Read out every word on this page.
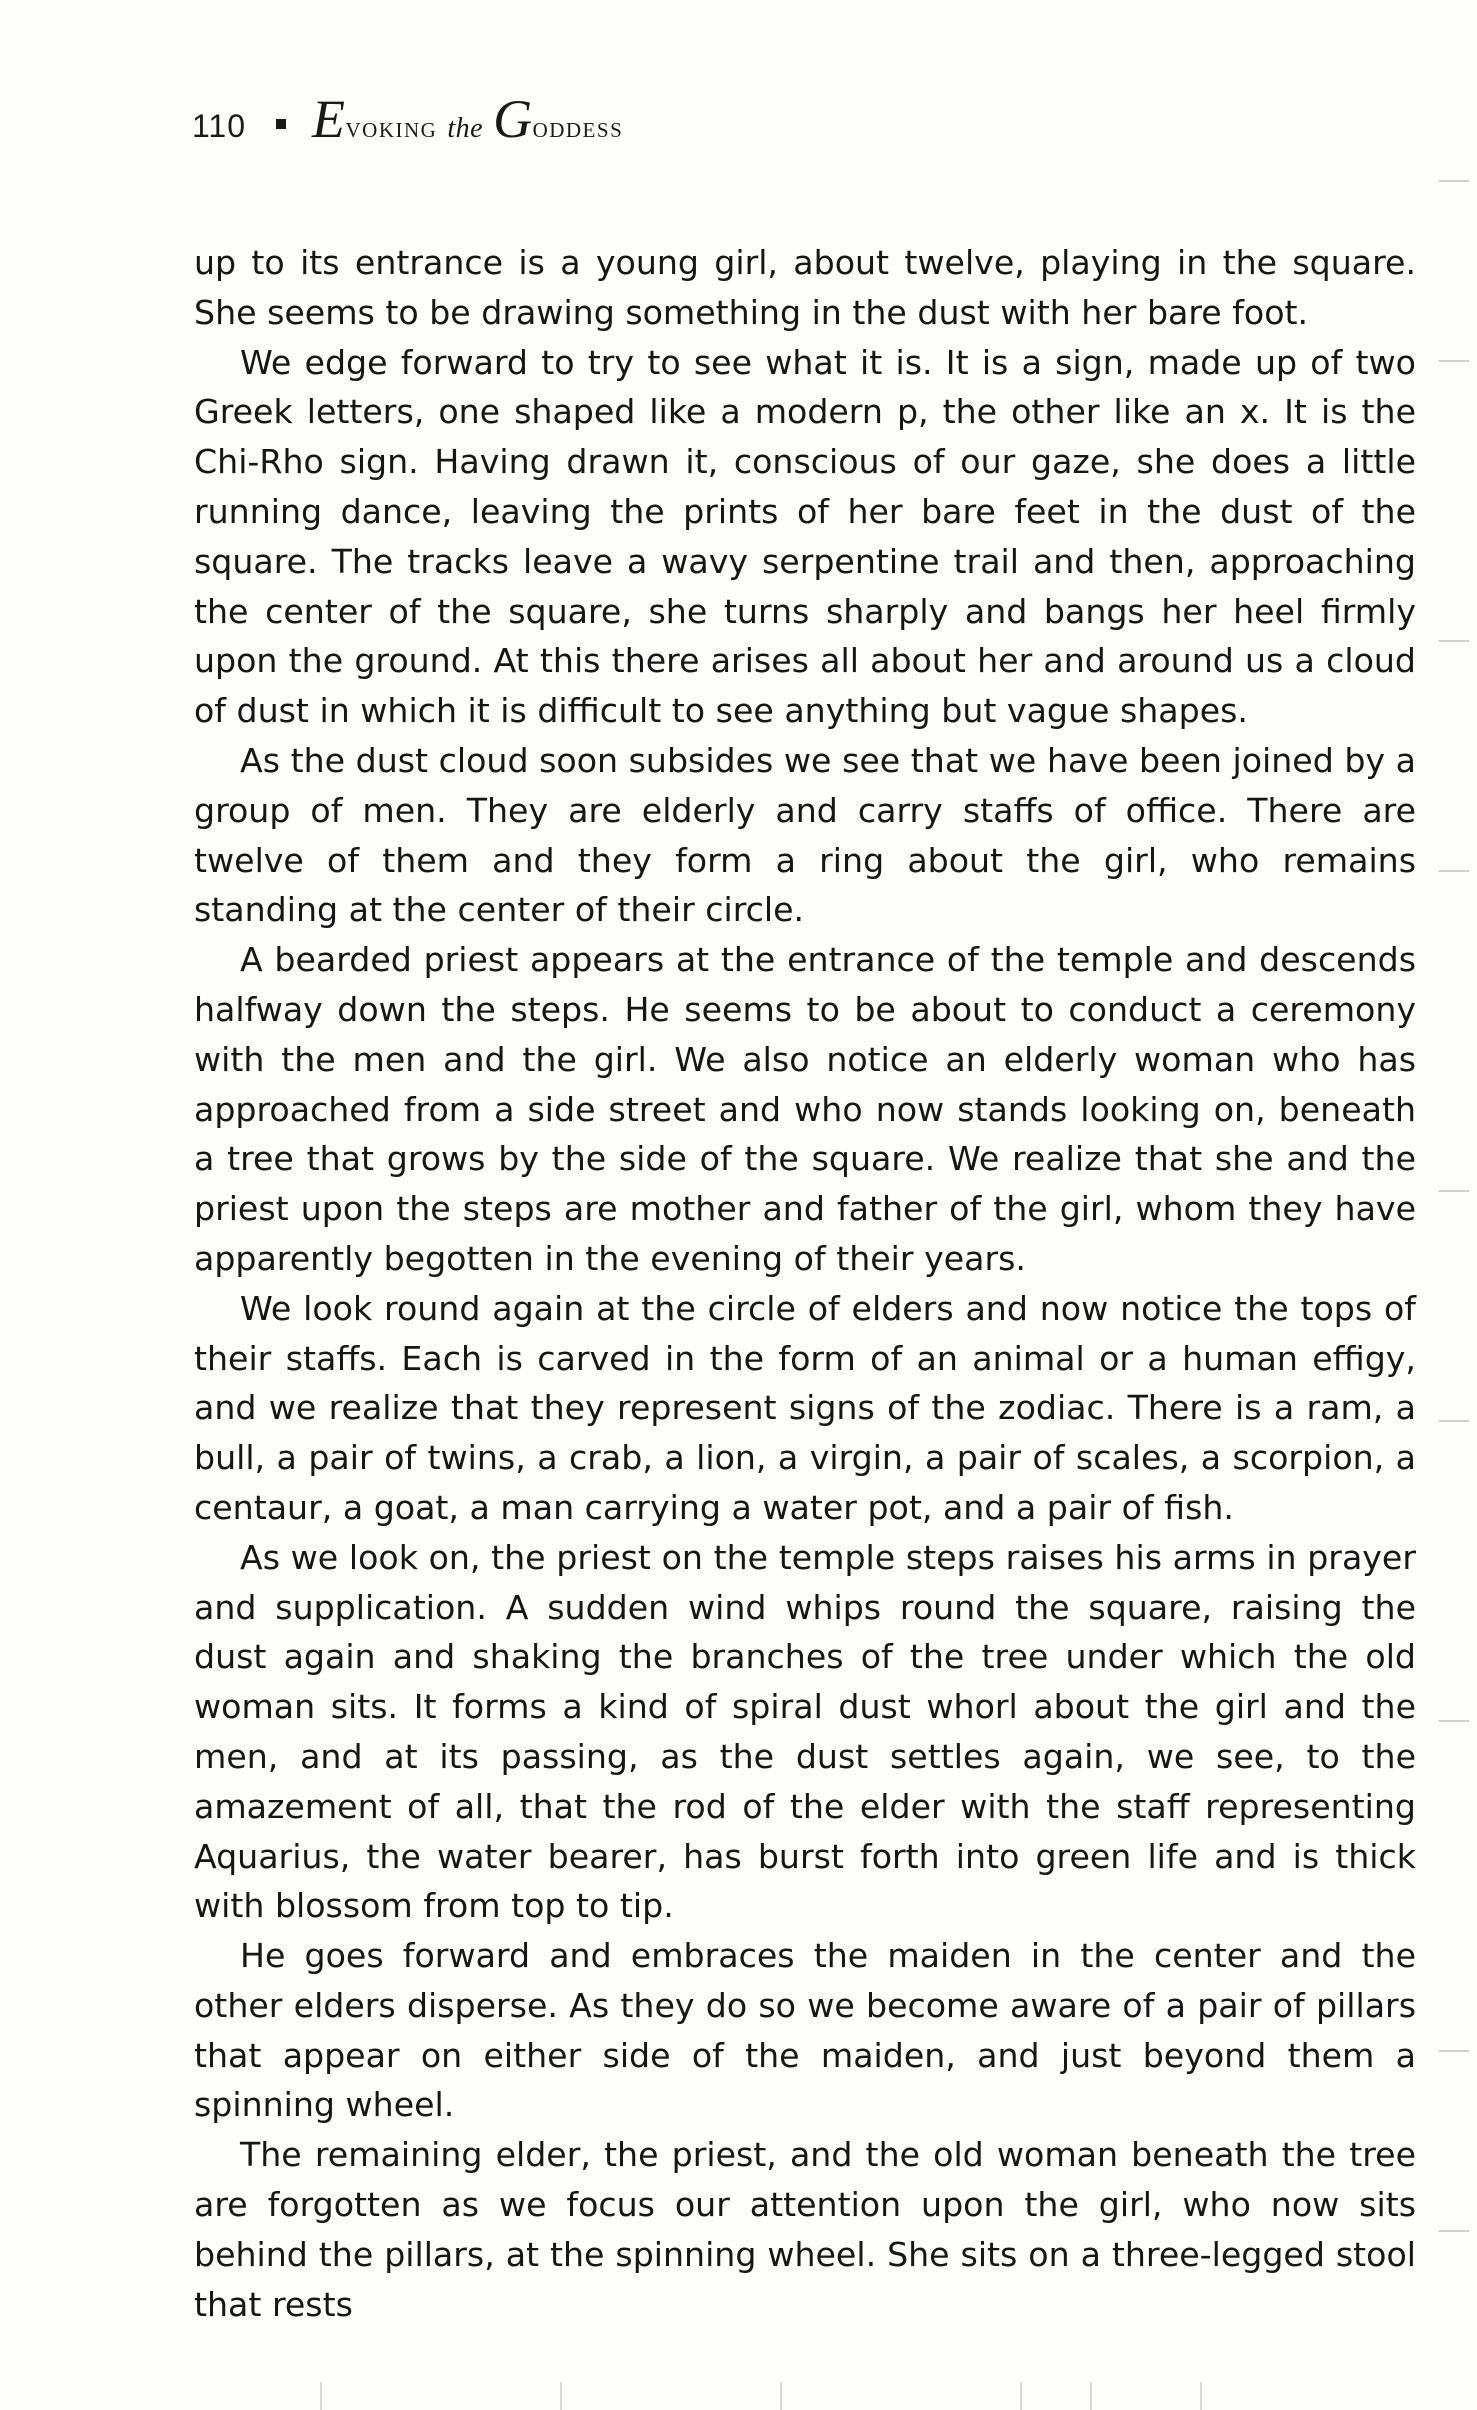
110 Evoking the Goddess

up to its entrance is a young girl, about twelve, playing in the square. She seems to be drawing something in the dust with her bare foot.

We edge forward to try to see what it is. It is a sign, made up of two Greek letters, one shaped like a modern p, the other like an x. It is the Chi-Rho sign. Having drawn it, conscious of our gaze, she does a little running dance, leaving the prints of her bare feet in the dust of the square. The tracks leave a wavy serpentine trail and then, approaching the center of the square, she turns sharply and bangs her heel firmly upon the ground. At this there arises all about her and around us a cloud of dust in which it is difficult to see anything but vague shapes.

As the dust cloud soon subsides we see that we have been joined by a group of men. They are elderly and carry staffs of office. There are twelve of them and they form a ring about the girl, who remains standing at the center of their circle.

A bearded priest appears at the entrance of the temple and descends halfway down the steps. He seems to be about to conduct a ceremony with the men and the girl. We also notice an elderly woman who has approached from a side street and who now stands looking on, beneath a tree that grows by the side of the square. We realize that she and the priest upon the steps are mother and father of the girl, whom they have apparently begotten in the evening of their years.

We look round again at the circle of elders and now notice the tops of their staffs. Each is carved in the form of an animal or a human effigy, and we realize that they represent signs of the zodiac. There is a ram, a bull, a pair of twins, a crab, a lion, a virgin, a pair of scales, a scorpion, a centaur, a goat, a man carrying a water pot, and a pair of fish.

As we look on, the priest on the temple steps raises his arms in prayer and supplication. A sudden wind whips round the square, raising the dust again and shaking the branches of the tree under which the old woman sits. It forms a kind of spiral dust whorl about the girl and the men, and at its passing, as the dust settles again, we see, to the amazement of all, that the rod of the elder with the staff representing Aquarius, the water bearer, has burst forth into green life and is thick with blossom from top to tip.

He goes forward and embraces the maiden in the center and the other elders disperse. As they do so we become aware of a pair of pillars that appear on either side of the maiden, and just beyond them a spinning wheel.

The remaining elder, the priest, and the old woman beneath the tree are forgotten as we focus our attention upon the girl, who now sits behind the pillars, at the spinning wheel. She sits on a three-legged stool that rests
